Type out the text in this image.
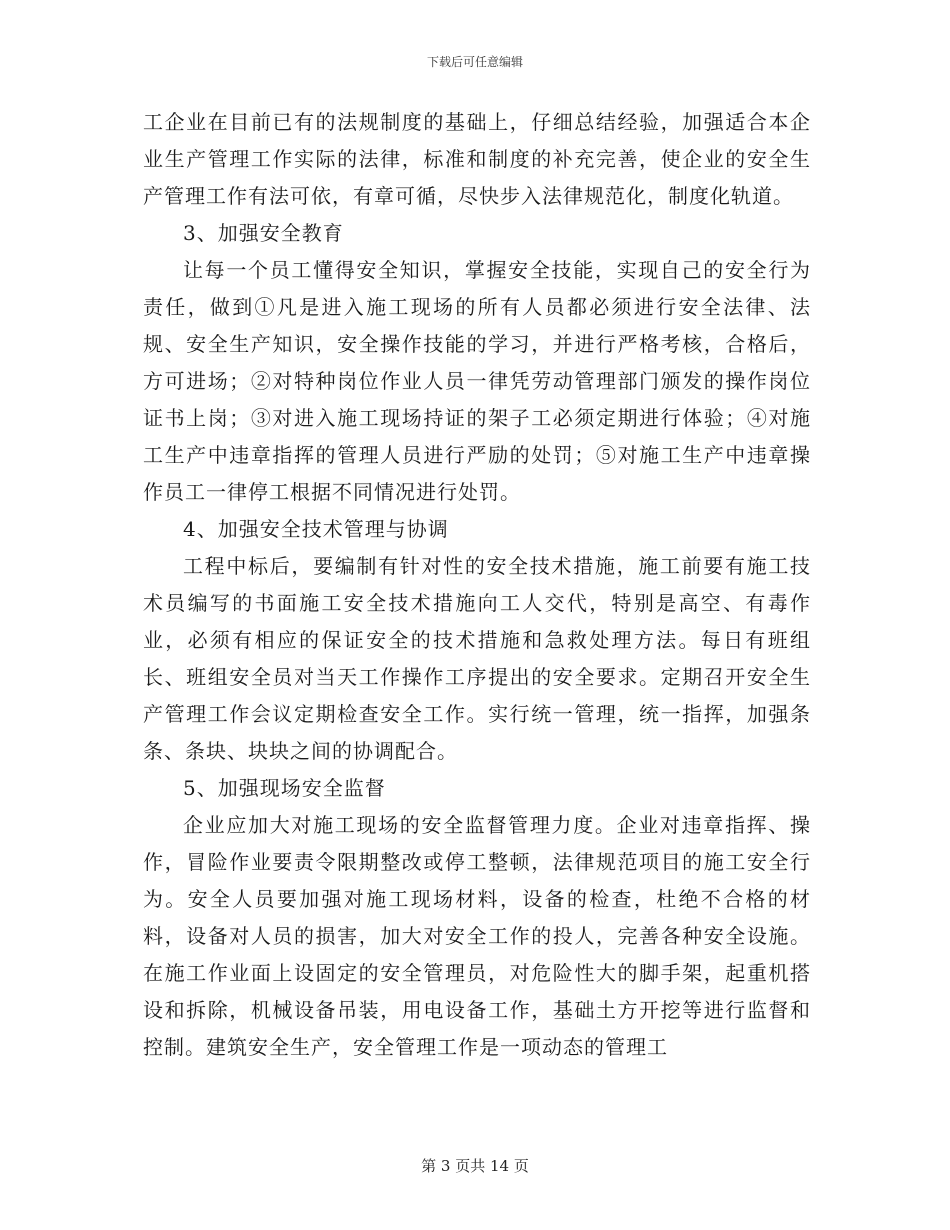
下载后可任意编辑

工企业在目前已有的法规制度的基础上，仔细总结经验，加强适合本企业生产管理工作实际的法律，标准和制度的补充完善，使企业的安全生产管理工作有法可依，有章可循，尽快步入法律规范化，制度化轨道。

3、加强安全教育

让每一个员工懂得安全知识，掌握安全技能，实现自己的安全行为责任，做到①凡是进入施工现场的所有人员都必须进行安全法律、法规、安全生产知识，安全操作技能的学习，并进行严格考核，合格后，方可进场；②对特种岗位作业人员一律凭劳动管理部门颁发的操作岗位证书上岗；③对进入施工现场持证的架子工必须定期进行体验；④对施工生产中违章指挥的管理人员进行严励的处罚；⑤对施工生产中违章操作员工一律停工根据不同情况进行处罚。

4、加强安全技术管理与协调

工程中标后，要编制有针对性的安全技术措施，施工前要有施工技术员编写的书面施工安全技术措施向工人交代，特别是高空、有毒作业，必须有相应的保证安全的技术措施和急救处理方法。每日有班组长、班组安全员对当天工作操作工序提出的安全要求。定期召开安全生产管理工作会议定期检查安全工作。实行统一管理，统一指挥，加强条条、条块、块块之间的协调配合。

5、加强现场安全监督

企业应加大对施工现场的安全监督管理力度。企业对违章指挥、操作，冒险作业要责令限期整改或停工整顿，法律规范项目的施工安全行为。安全人员要加强对施工现场材料，设备的检查，杜绝不合格的材料，设备对人员的损害，加大对安全工作的投人，完善各种安全设施。在施工作业面上设固定的安全管理员，对危险性大的脚手架，起重机搭设和拆除，机械设备吊装，用电设备工作，基础土方开挖等进行监督和控制。建筑安全生产，安全管理工作是一项动态的管理工

第 3 页共 14 页
